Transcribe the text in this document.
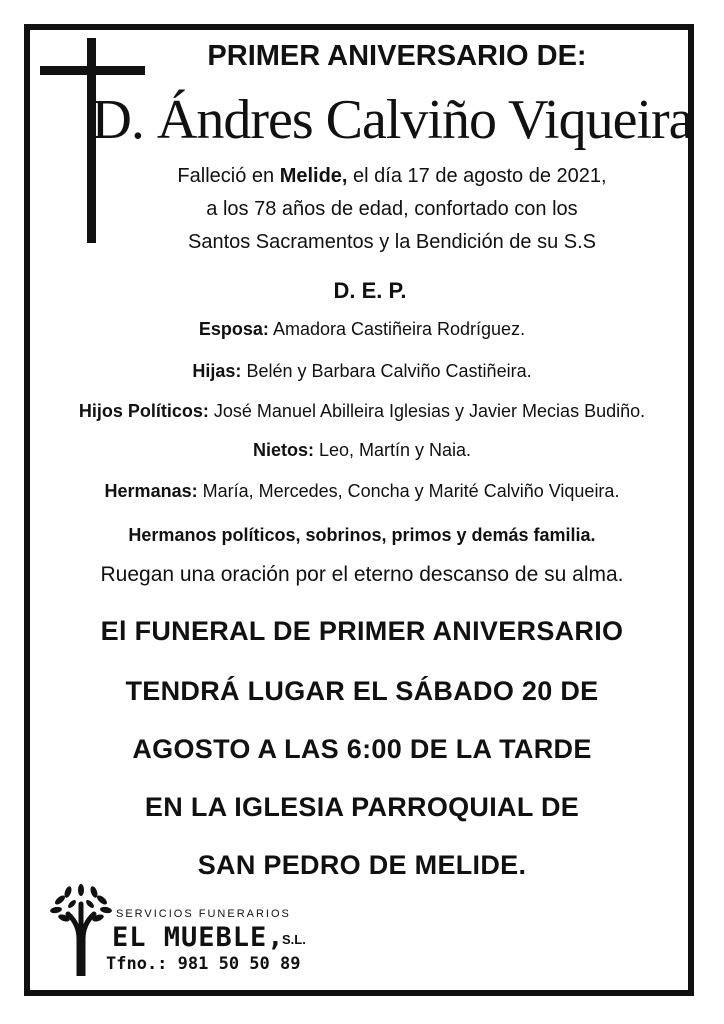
PRIMER ANIVERSARIO DE:
D. Ándres Calviño Viqueira
Falleció en Melide, el día 17 de agosto de 2021,
a los 78 años de edad, confortado con los
Santos Sacramentos y la Bendición de su S.S
D. E. P.
Esposa: Amadora Castiñeira Rodríguez.
Hijas: Belén y Barbara Calviño Castiñeira.
Hijos Políticos: José Manuel Abilleira Iglesias y Javier Mecias Budiño.
Nietos: Leo, Martín y Naia.
Hermanas: María, Mercedes, Concha y Marité Calviño Viqueira.
Hermanos políticos, sobrinos, primos y demás familia.
Ruegan una oración por el eterno descanso de su alma.
El FUNERAL DE PRIMER ANIVERSARIO
TENDRÁ LUGAR EL SÁBADO 20 DE
AGOSTO A LAS 6:00 DE LA TARDE
EN LA IGLESIA PARROQUIAL DE
SAN PEDRO DE MELIDE.
SERVICIOS FUNERARIOS
EL MUEBLE,
S.L.
Tfno.: 981 50 50 89
